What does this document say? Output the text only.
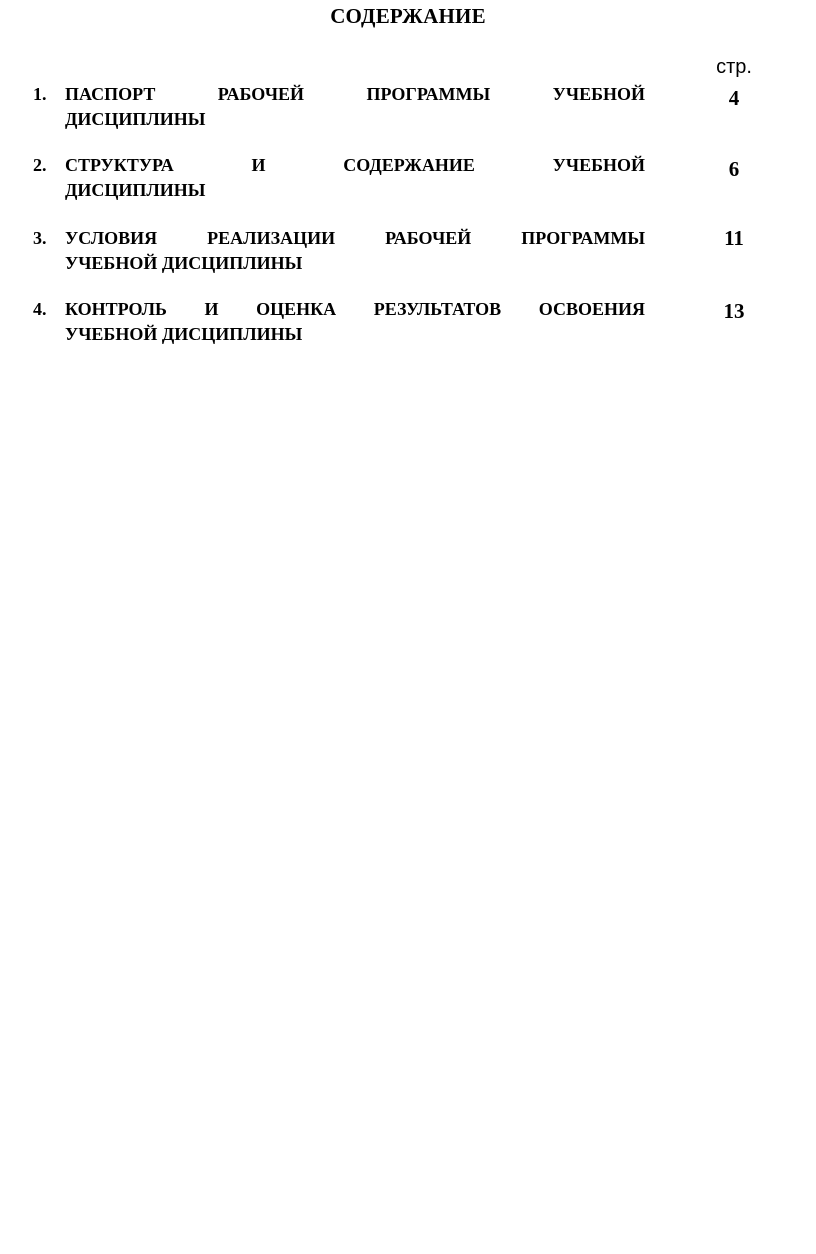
СОДЕРЖАНИЕ
стр.
1. ПАСПОРТ РАБОЧЕЙ ПРОГРАММЫ УЧЕБНОЙ
ДИСЦИПЛИНЫ
4
2. СТРУКТУРА И СОДЕРЖАНИЕ УЧЕБНОЙ
ДИСЦИПЛИНЫ
6
3. УСЛОВИЯ РЕАЛИЗАЦИИ РАБОЧЕЙ ПРОГРАММЫ
УЧЕБНОЙ ДИСЦИПЛИНЫ
11
4. КОНТРОЛЬ И ОЦЕНКА РЕЗУЛЬТАТОВ ОСВОЕНИЯ
УЧЕБНОЙ ДИСЦИПЛИНЫ
13
